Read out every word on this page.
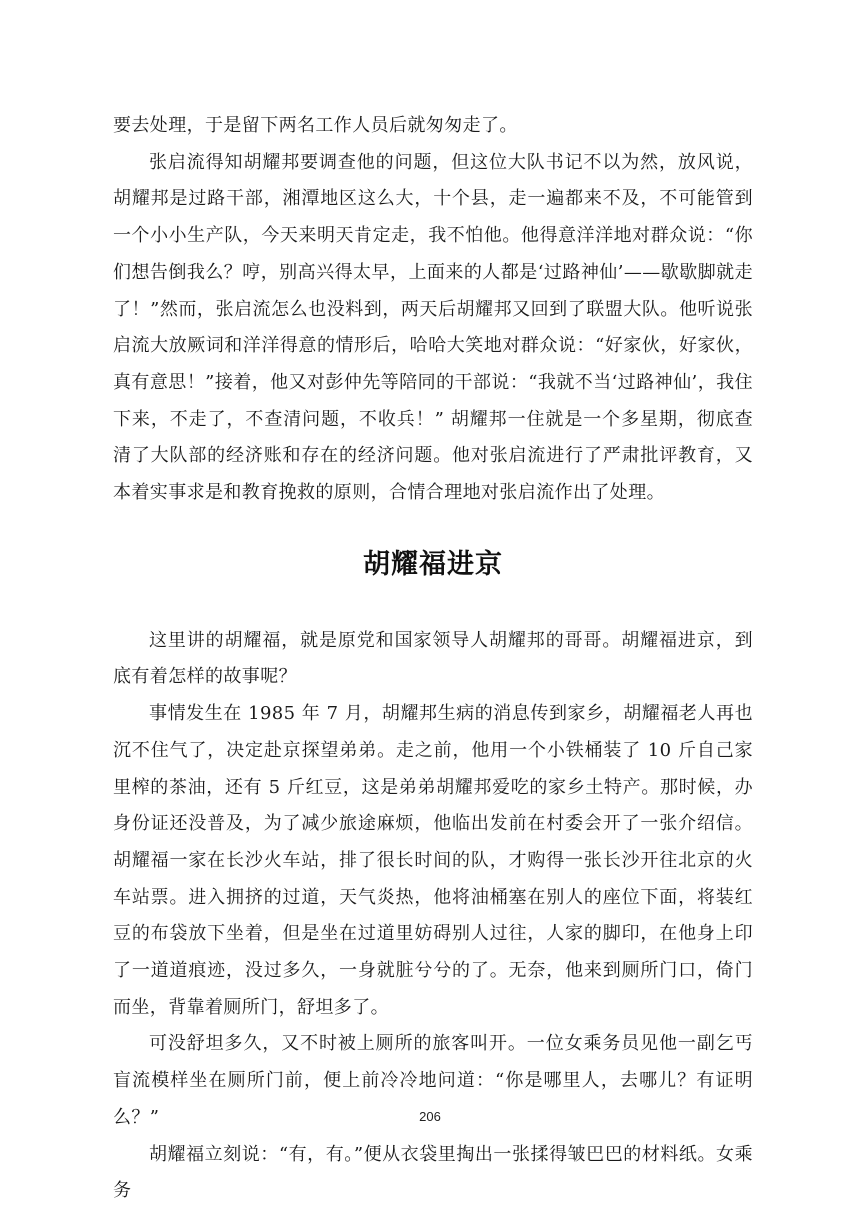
要去处理，于是留下两名工作人员后就匆匆走了。

张启流得知胡耀邦要调查他的问题，但这位大队书记不以为然，放风说，胡耀邦是过路干部，湘潭地区这么大，十个县，走一遍都来不及，不可能管到一个小小生产队，今天来明天肯定走，我不怕他。他得意洋洋地对群众说：“你们想告倒我么？哼，别高兴得太早，上面来的人都是‘过路神仙’——歇歇脚就走了！”然而，张启流怎么也没料到，两天后胡耀邦又回到了联盟大队。他听说张启流大放厥词和洋洋得意的情形后，哈哈大笑地对群众说：“好家伙，好家伙， 真有意思！”接着，他又对彭仲先等陪同的干部说：“我就不当‘过路神仙’，我住下来，不走了，不查清问题，不收兵！” 胡耀邦一住就是一个多星期，彻底查清了大队部的经济账和存在的经济问题。他对张启流进行了严肃批评教育，又本着实事求是和教育挽救的原则，合情合理地对张启流作出了处理。

胡耀福进京

这里讲的胡耀福，就是原党和国家领导人胡耀邦的哥哥。胡耀福进京，到底有着怎样的故事呢？

事情发生在 1985 年 7 月，胡耀邦生病的消息传到家乡，胡耀福老人再也沉不住气了，决定赴京探望弟弟。走之前，他用一个小铁桶装了 10 斤自己家里榨的茶油，还有 5 斤红豆，这是弟弟胡耀邦爱吃的家乡土特产。那时候，办身份证还没普及，为了减少旅途麻烦，他临出发前在村委会开了一张介绍信。胡耀福一家在长沙火车站，排了很长时间的队，才购得一张长沙开往北京的火车站票。进入拥挤的过道，天气炎热，他将油桶塞在别人的座位下面，将装红豆的布袋放下坐着，但是坐在过道里妨碍别人过往，人家的脚印，在他身上印了一道道痕迹，没过多久，一身就脏兮兮的了。无奈，他来到厕所门口，倚门而坐，背靠着厕所门，舒坦多了。

可没舒坦多久，又不时被上厕所的旅客叫开。一位女乘务员见他一副乞丐盲流模样坐在厕所门前，便上前冷冷地问道：“你是哪里人，去哪儿？有证明么？”

胡耀福立刻说：“有，有。”便从衣袋里掏出一张揉得皱巴巴的材料纸。女乘务

206
